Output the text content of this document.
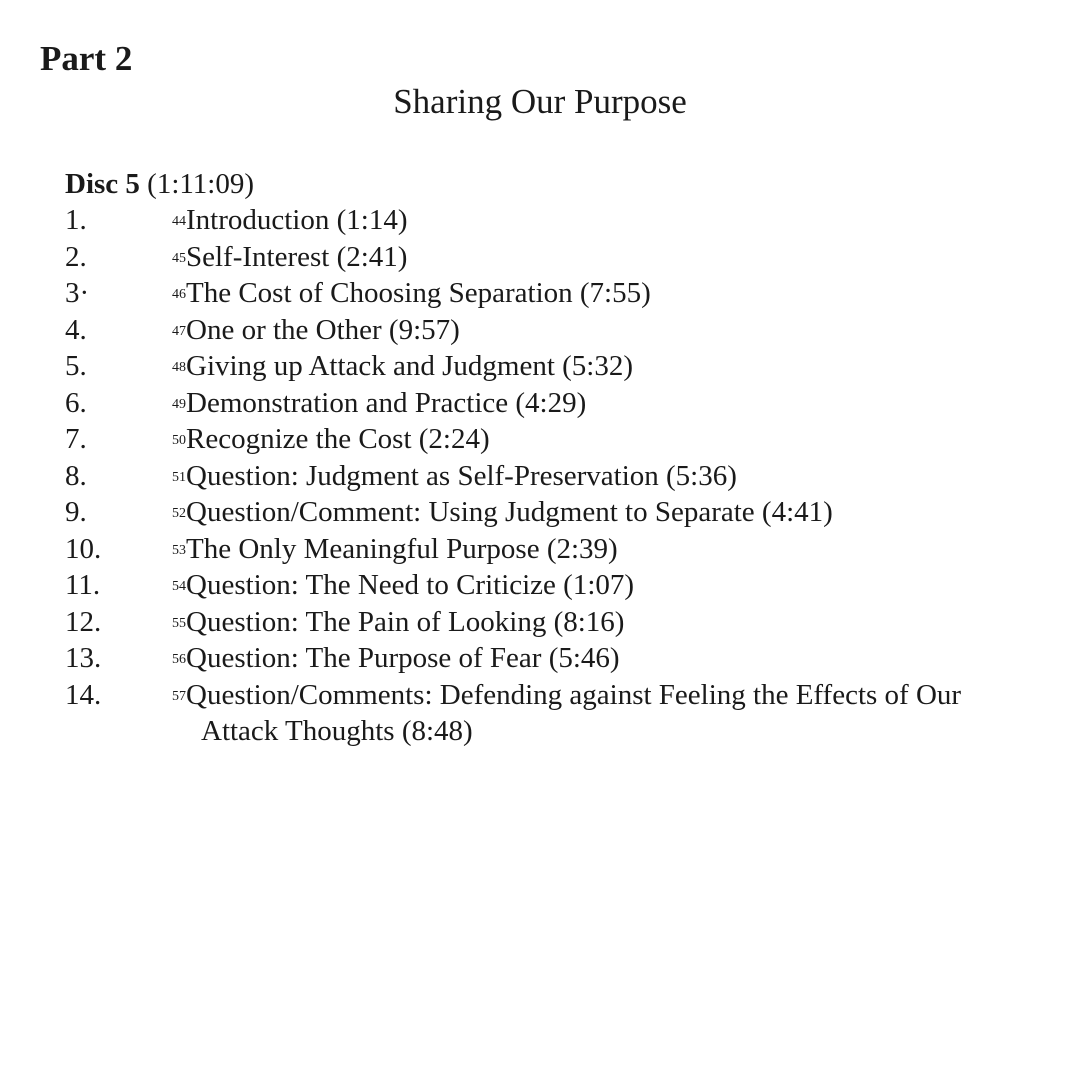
Part 2
Sharing Our Purpose
Disc 5 (1:11:09)
1.	$^{44}$Introduction (1:14)
2.	$^{45}$Self-Interest (2:41)
3·	$^{46}$The Cost of Choosing Separation (7:55)
4.	$^{47}$One or the Other (9:57)
5.	$^{48}$Giving up Attack and Judgment (5:32)
6.	$^{49}$Demonstration and Practice (4:29)
7.	$^{50}$Recognize the Cost (2:24)
8.	$^{51}$Question: Judgment as Self-Preservation (5:36)
9.	$^{52}$Question/Comment: Using Judgment to Separate (4:41)
10.	$^{53}$The Only Meaningful Purpose (2:39)
11.	$^{54}$Question: The Need to Criticize (1:07)
12.	$^{55}$Question: The Pain of Looking (8:16)
13.	$^{56}$Question: The Purpose of Fear (5:46)
14.	$^{57}$Question/Comments: Defending against Feeling the Effects of Our
Attack Thoughts (8:48)
